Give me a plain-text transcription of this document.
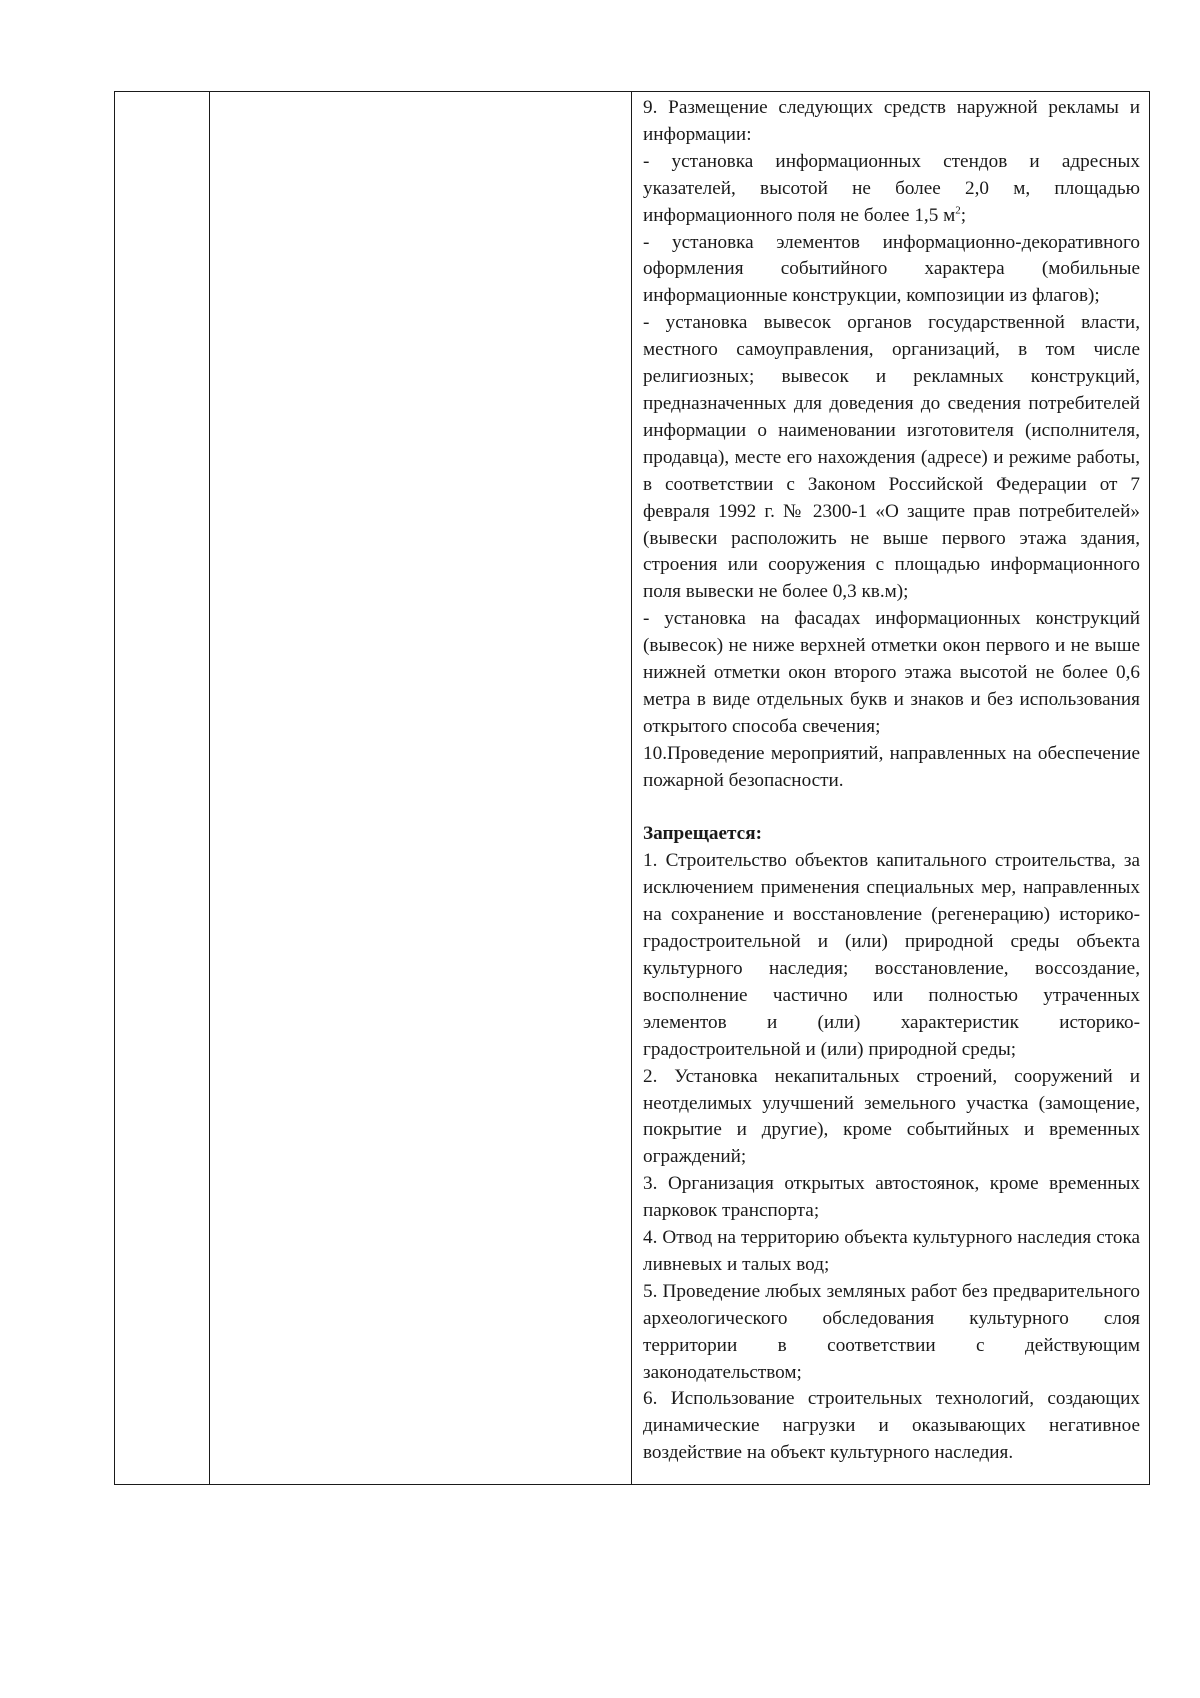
9. Размещение следующих средств наружной рекламы и информации:

- установка информационных стендов и адресных указателей, высотой не более 2,0 м, площадью информационного поля не более 1,5 $м^2$;

- установка элементов информационно-декоративного оформления событийного характера (мобильные информационные конструкции, композиции из флагов);

- установка вывесок органов государственной власти, местного самоуправления, организаций, в том числе религиозных; вывесок и рекламных конструкций, предназначенных для доведения до сведения потребителей информации о наименовании изготовителя (исполнителя, продавца), месте его нахождения (адресе) и режиме работы, в соответствии с Законом Российской Федерации от 7 февраля 1992 г. № 2300-1 «О защите прав потребителей» (вывески расположить не выше первого этажа здания, строения или сооружения с площадью информационного поля вывески не более 0,3 кв.м);

- установка на фасадах информационных конструкций (вывесок) не ниже верхней отметки окон первого и не выше нижней отметки окон второго этажа высотой не более 0,6 метра в виде отдельных букв и знаков и без использования открытого способа свечения;

10.Проведение мероприятий, направленных на обеспечение пожарной безопасности.

Запрещается:

1. Строительство объектов капитального строительства, за исключением применения специальных мер, направленных на сохранение и восстановление (регенерацию) историко-градостроительной и (или) природной среды объекта культурного наследия; восстановление, воссоздание, восполнение частично или полностью утраченных элементов и (или) характеристик историко-градостроительной и (или) природной среды;

2. Установка некапитальных строений, сооружений и неотделимых улучшений земельного участка (замощение, покрытие и другие), кроме событийных и временных ограждений;

3. Организация открытых автостоянок, кроме временных парковок транспорта;

4. Отвод на территорию объекта культурного наследия стока ливневых и талых вод;

5. Проведение любых земляных работ без предварительного археологического обследования культурного слоя территории в соответствии с действующим законодательством;

6. Использование строительных технологий, создающих динамические нагрузки и оказывающих негативное воздействие на объект культурного наследия.
